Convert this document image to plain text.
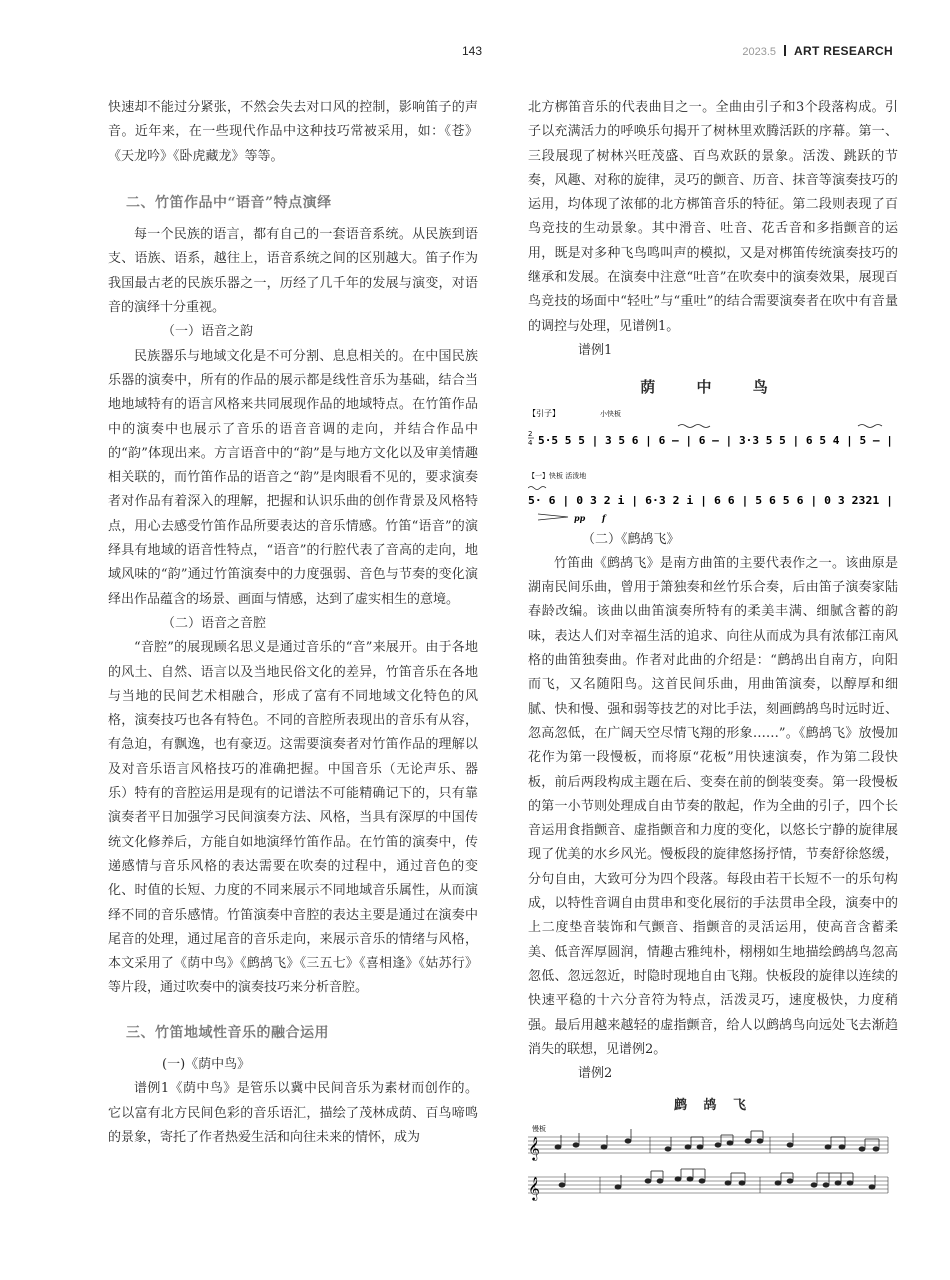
143	2023.5 ART RESEARCH

快速却不能过分紧张，不然会失去对口风的控制，影响笛子的声音。近年来，在一些现代作品中这种技巧常被采用，如：《苍》《天龙吟》《卧虎藏龙》等等。

二、竹笛作品中“语音”特点演绎

每一个民族的语言，都有自己的一套语音系统。从民族到语支、语族、语系，越往上，语音系统之间的区别越大。笛子作为我国最古老的民族乐器之一，历经了几千年的发展与演变，对语音的演绎十分重视。

（一）语音之韵

民族器乐与地域文化是不可分割、息息相关的。在中国民族乐器的演奏中，所有的作品的展示都是线性音乐为基础，结合当地地域特有的语言风格来共同展现作品的地域特点。在竹笛作品中的演奏中也展示了音乐的语音音调的走向，并结合作品中的“韵”体现出来。方言语音中的“韵”是与地方文化以及审美情趣相关联的，而竹笛作品的语音之“韵”是肉眼看不见的，要求演奏者对作品有着深入的理解，把握和认识乐曲的创作背景及风格特点，用心去感受竹笛作品所要表达的音乐情感。竹笛“语音”的演绎具有地域的语音性特点，“语音”的行腔代表了音高的走向，地域风味的“韵”通过竹笛演奏中的力度强弱、音色与节奏的变化演绎出作品蕴含的场景、画面与情感，达到了虚实相生的意境。

（二）语音之音腔

“音腔”的展现顾名思义是通过音乐的“音”来展开。由于各地的风土、自然、语言以及当地民俗文化的差异，竹笛音乐在各地与当地的民间艺术相融合，形成了富有不同地域文化特色的风格，演奏技巧也各有特色。不同的音腔所表现出的音乐有从容，有急迫，有飘逸，也有豪迈。这需要演奏者对竹笛作品的理解以及对音乐语言风格技巧的准确把握。中国音乐（无论声乐、器乐）特有的音腔运用是现有的记谱法不可能精确记下的，只有靠演奏者平日加强学习民间演奏方法、风格，当具有深厚的中国传统文化修养后，方能自如地演绎竹笛作品。在竹笛的演奏中，传递感情与音乐风格的表达需要在吹奏的过程中，通过音色的变化、时值的长短、力度的不同来展示不同地域音乐属性，从而演绎不同的音乐感情。竹笛演奏中音腔的表达主要是通过在演奏中尾音的处理，通过尾音的音乐走向，来展示音乐的情绪与风格，本文采用了《荫中鸟》《鹧鸪飞》《三五七》《喜相逢》《姑苏行》等片段，通过吹奏中的演奏技巧来分析音腔。

三、竹笛地域性音乐的融合运用

(一)《荫中鸟》

谱例1《荫中鸟》是管乐以冀中民间音乐为素材而创作的。它以富有北方民间色彩的音乐语汇，描绘了茂林成荫、百鸟啼鸣的景象，寄托了作者热爱生活和向往未来的情怀，成为

北方梆笛音乐的代表曲目之一。全曲由引子和3个段落构成。引子以充满活力的呼唤乐句揭开了树林里欢腾活跃的序幕。第一、三段展现了树林兴旺茂盛、百鸟欢跃的景象。活泼、跳跃的节奏，风趣、对称的旋律，灵巧的颤音、历音、抹音等演奏技巧的运用，均体现了浓郁的北方梆笛音乐的特征。第二段则表现了百鸟竞技的生动景象。其中滑音、吐音、花舌音和多指颤音的运用，既是对多种飞鸟鸣叫声的模拟，又是对梆笛传统演奏技巧的继承和发展。在演奏中注意“吐音”在吹奏中的演奏效果，展现百鸟竞技的场面中“轻吐”与“重吐”的结合需要演奏者在吹中有音量的调控与处理，见谱例1。

谱例1

荫 中 鸟
【引子】	小快板
2
4 5·5 5 5 | 3 5 6 | 6 – | 6 – | 3·3 5 5 | 6 5 4 | 5 – |
【一】快板 活泼地
5· 6 | 0 3 2 i | 6·3 2 i | 6 6 | 5 6 5 6 | 0 3 2321 |
pp f

（二）《鹧鸪飞》

竹笛曲《鹧鸪飞》是南方曲笛的主要代表作之一。该曲原是湖南民间乐曲，曾用于箫独奏和丝竹乐合奏，后由笛子演奏家陆春龄改编。该曲以曲笛演奏所特有的柔美丰满、细腻含蓄的韵味，表达人们对幸福生活的追求、向往从而成为具有浓郁江南风格的曲笛独奏曲。作者对此曲的介绍是：“鹧鸪出自南方，向阳而飞，又名随阳鸟。这首民间乐曲，用曲笛演奏，以醇厚和细腻、快和慢、强和弱等技艺的对比手法，刻画鹧鸪鸟时远时近、忽高忽低，在广阔天空尽情飞翔的形象……”。《鹧鸪飞》放慢加花作为第一段慢板，而将原“花板”用快速演奏，作为第二段快板，前后两段构成主题在后、变奏在前的倒装变奏。第一段慢板的第一小节则处理成自由节奏的散起，作为全曲的引子，四个长音运用食指颤音、虚指颤音和力度的变化，以悠长宁静的旋律展现了优美的水乡风光。慢板段的旋律悠扬抒情，节奏舒徐悠缓，分句自由，大致可分为四个段落。每段由若干长短不一的乐句构成，以特性音调自由贯串和变化展衍的手法贯串全段，演奏中的上二度垫音装饰和气颤音、指颤音的灵活运用，使高音含蓄柔美、低音浑厚圆润，情趣古雅纯朴，栩栩如生地描绘鹧鸪鸟忽高忽低、忽远忽近，时隐时现地自由飞翔。快板段的旋律以连续的快速平稳的十六分音符为特点，活泼灵巧，速度极快，力度稍强。最后用越来越轻的虚指颤音，给人以鹧鸪鸟向远处飞去渐趋消失的联想，见谱例2。

谱例2

鹧 鸪 飞
慢板
𝄞
𝄞
